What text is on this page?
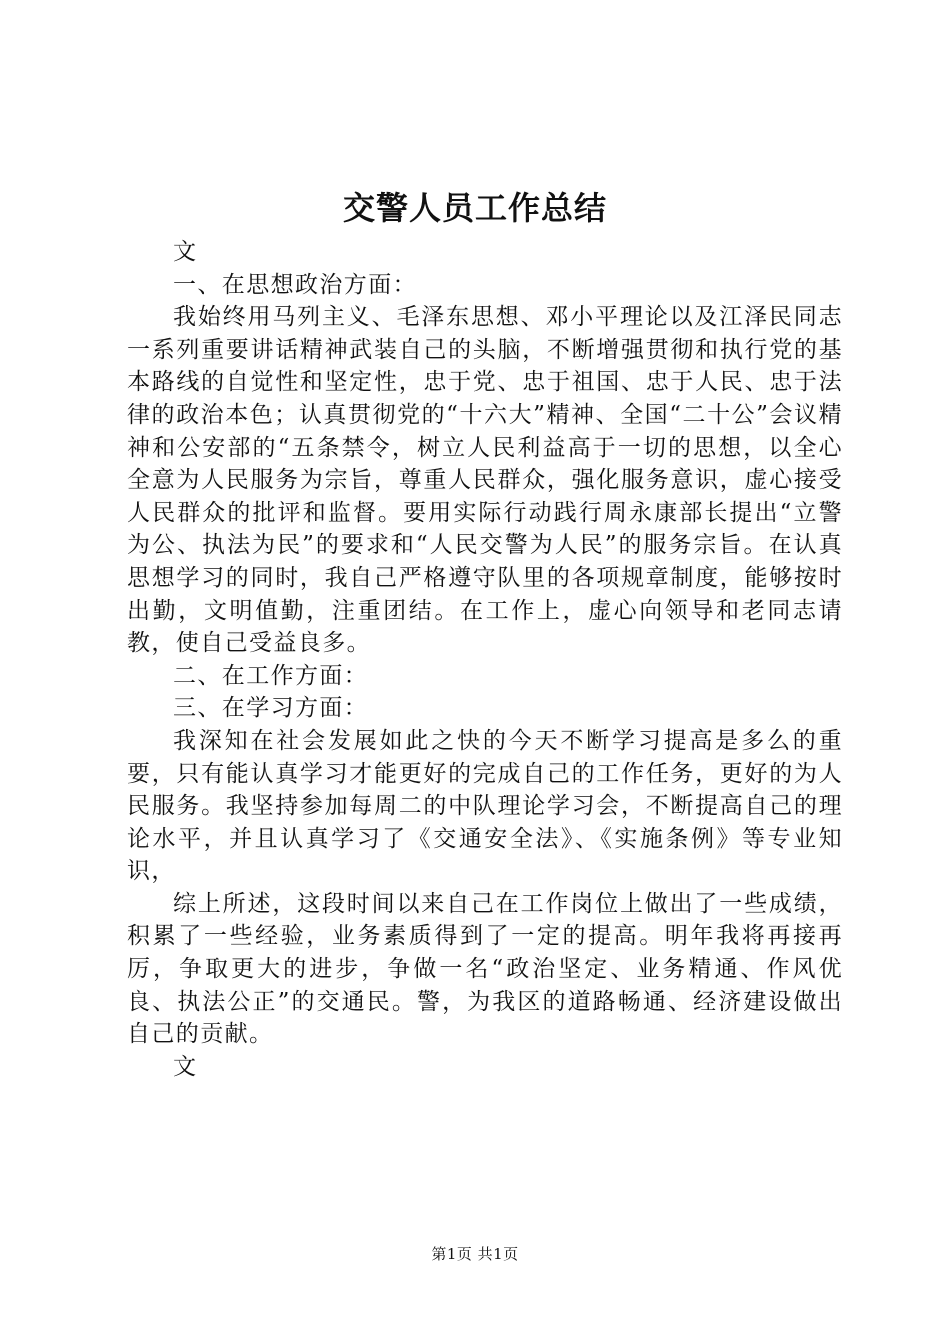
交警人员工作总结

文

一、在思想政治方面：

我始终用马列主义、毛泽东思想、邓小平理论以及江泽民同志一系列重要讲话精神武装自己的头脑，不断增强贯彻和执行党的基本路线的自觉性和坚定性，忠于党、忠于祖国、忠于人民、忠于法律的政治本色；认真贯彻党的“十六大”精神、全国“二十公”会议精神和公安部的“五条禁令，树立人民利益高于一切的思想，以全心全意为人民服务为宗旨，尊重人民群众，强化服务意识，虚心接受人民群众的批评和监督。要用实际行动践行周永康部长提出“立警为公、执法为民”的要求和“人民交警为人民”的服务宗旨。在认真思想学习的同时，我自己严格遵守队里的各项规章制度，能够按时出勤，文明值勤，注重团结。在工作上，虚心向领导和老同志请教，使自己受益良多。

二、在工作方面：

三、在学习方面：

我深知在社会发展如此之快的今天不断学习提高是多么的重要，只有能认真学习才能更好的完成自己的工作任务，更好的为人民服务。我坚持参加每周二的中队理论学习会，不断提高自己的理论水平，并且认真学习了《交通安全法》、《实施条例》等专业知识，

综上所述，这段时间以来自己在工作岗位上做出了一些成绩，积累了一些经验，业务素质得到了一定的提高。明年我将再接再厉，争取更大的进步，争做一名“政治坚定、业务精通、作风优良、执法公正”的交通民。警，为我区的道路畅通、经济建设做出自己的贡献。

文

第1页 共1页
